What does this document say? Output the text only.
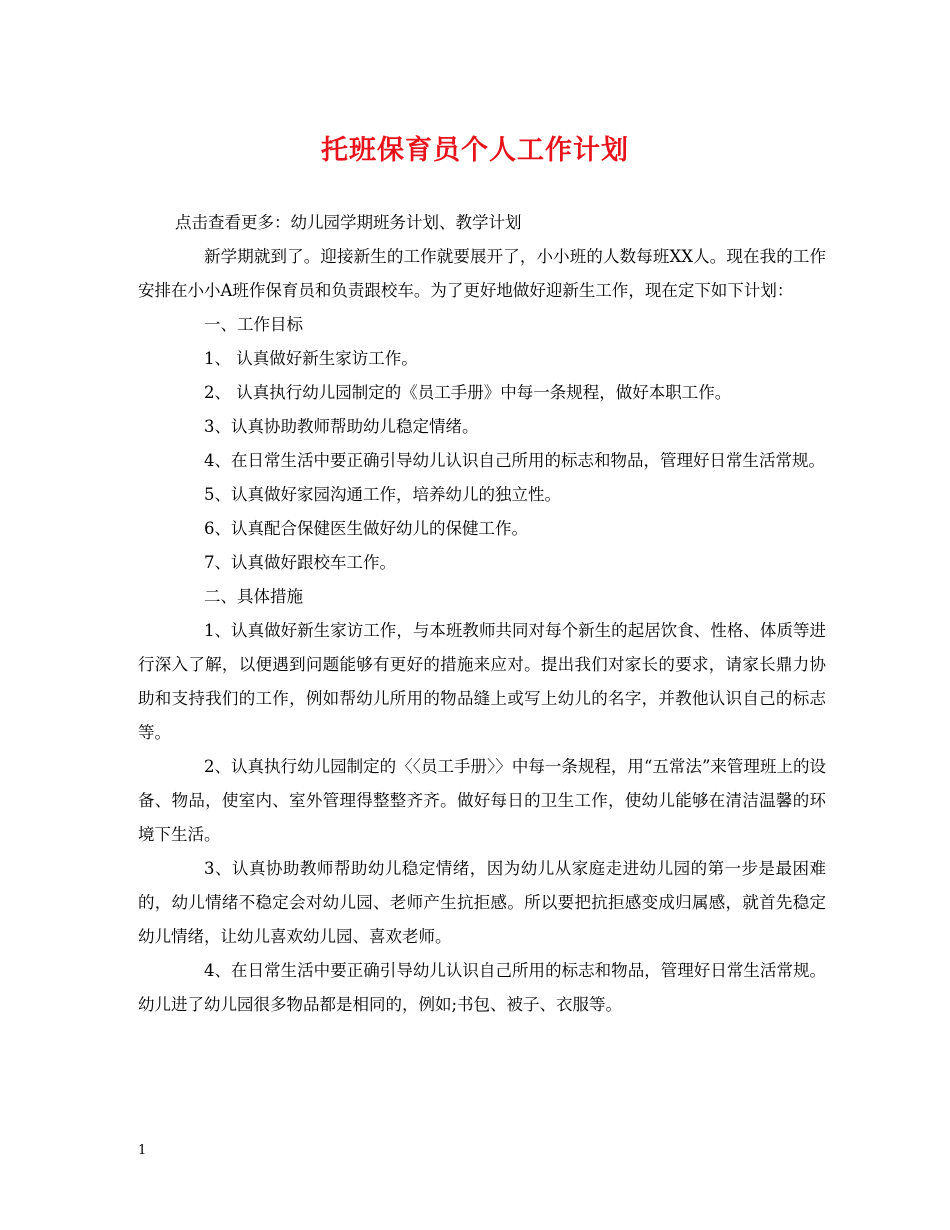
托班保育员个人工作计划

点击查看更多：幼儿园学期班务计划、教学计划

新学期就到了。迎接新生的工作就要展开了，小小班的人数每班XX人。现在我的工作安排在小小A班作保育员和负责跟校车。为了更好地做好迎新生工作，现在定下如下计划：

一、工作目标

1、 认真做好新生家访工作。

2、 认真执行幼儿园制定的《员工手册》中每一条规程，做好本职工作。

3、认真协助教师帮助幼儿稳定情绪。

4、在日常生活中要正确引导幼儿认识自己所用的标志和物品，管理好日常生活常规。

5、认真做好家园沟通工作，培养幼儿的独立性。

6、认真配合保健医生做好幼儿的保健工作。

7、认真做好跟校车工作。

二、具体措施

1、认真做好新生家访工作，与本班教师共同对每个新生的起居饮食、性格、体质等进行深入了解，以便遇到问题能够有更好的措施来应对。提出我们对家长的要求，请家长鼎力协助和支持我们的工作，例如帮幼儿所用的物品缝上或写上幼儿的名字，并教他认识自己的标志等。

2、认真执行幼儿园制定的〈〈员工手册〉〉中每一条规程，用“五常法”来管理班上的设备、物品，使室内、室外管理得整整齐齐。做好每日的卫生工作，使幼儿能够在清洁温馨的环境下生活。

3、认真协助教师帮助幼儿稳定情绪，因为幼儿从家庭走进幼儿园的第一步是最困难的，幼儿情绪不稳定会对幼儿园、老师产生抗拒感。所以要把抗拒感变成归属感，就首先稳定幼儿情绪，让幼儿喜欢幼儿园、喜欢老师。

4、在日常生活中要正确引导幼儿认识自己所用的标志和物品，管理好日常生活常规。幼儿进了幼儿园很多物品都是相同的，例如;书包、被子、衣服等。

1
